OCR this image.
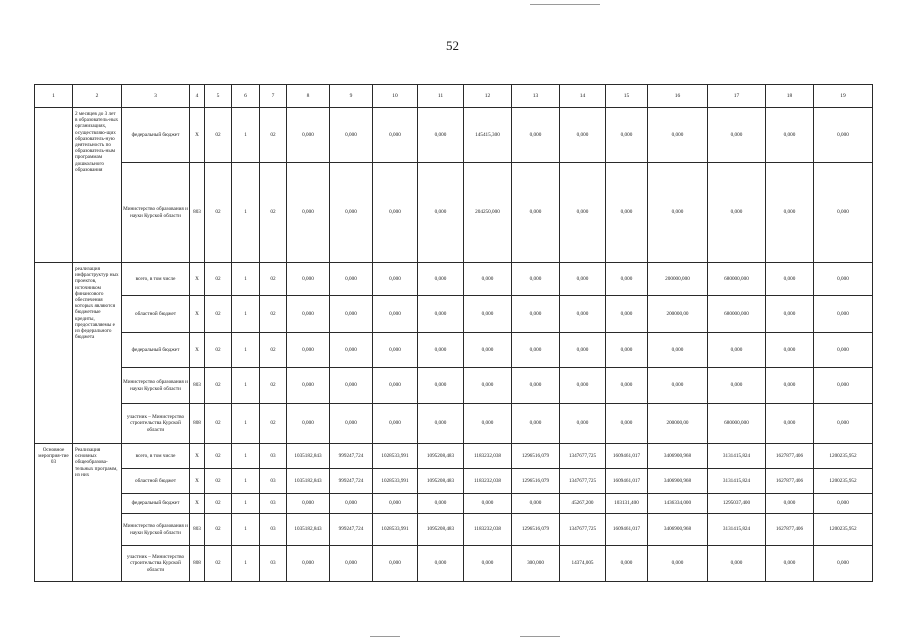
52
1	2	3	4	5	6	7	8	9	10	11	12	13	14	15	16	17	18	19
	2 месяцев до 3 лет в образователь-ных организациях, осуществляю-щих образователь-ную деятельность по образователь-ным программам дошкольного образования	федеральный бюджет	Х	02	1	02	0,000	0,000	0,000	0,000	145415,300	0,000	0,000	0,000	0,000	0,000	0,000	0,000
		Министерство образования и науки Курской области	803	02	1	02	0,000	0,000	0,000	0,000	204250,000	0,000	0,000	0,000	0,000	0,000	0,000	0,000
	реализация инфраструктур ных проектов, источником финансового обеспечения которых являются бюджетные кредиты, предоставляемы е из федерального бюджета	всего, в том числе	Х	02	1	02	0,000	0,000	0,000	0,000	0,000	0,000	0,000	0,000	200000,000	680000,000	0,000	0,000
		областной бюджет	Х	02	1	02	0,000	0,000	0,000	0,000	0,000	0,000	0,000	0,000	200000,00	680000,000	0,000	0,000
		федеральный бюджет	Х	02	1	02	0,000	0,000	0,000	0,000	0,000	0,000	0,000	0,000	0,000	0,000	0,000	0,000
		Министерство образования и науки Курской области	803	02	1	02	0,000	0,000	0,000	0,000	0,000	0,000	0,000	0,000	0,000	0,000	0,000	0,000
		участник – Министерство строительства Курской области	808	02	1	02	0,000	0,000	0,000	0,000	0,000	0,000	0,000	0,000	200000,00	680000,000	0,000	0,000
Основное мероприя-тие 03	Реализация основных общеобразова-тельных программ, из них	всего, в том числе	Х	02	1	03	1035182,843	999247,724	1028533,991	1095208,483	1183232,038	1296516,079	1347677,725	1609461,017	3406900,968	3131415,824	1627877,406	1200235,952
		областной бюджет	Х	02	1	03	1035182,843	999247,724	1028533,991	1095208,483	1183232,038	1296516,079	1347677,725	1609461,017	3406900,968	3131415,824	1627877,406	1200235,952
		федеральный бюджет	Х	02	1	03	0,000	0,000	0,000	0,000	0,000	0,000	45267,200	103131,400	1436334,000	1295037,400	0,000	0,000
		Министерство образования и науки Курской области	803	02	1	03	1035182,843	999247,724	1028533,991	1095208,483	1183232,038	1296516,079	1347677,725	1609461,017	3406900,968	3131415,824	1627877,406	1200235,952
		участник – Министерство строительства Курской области	808	02	1	03	0,000	0,000	0,000	0,000	0,000	300,000	14374,005	0,000	0,000	0,000	0,000	0,000
